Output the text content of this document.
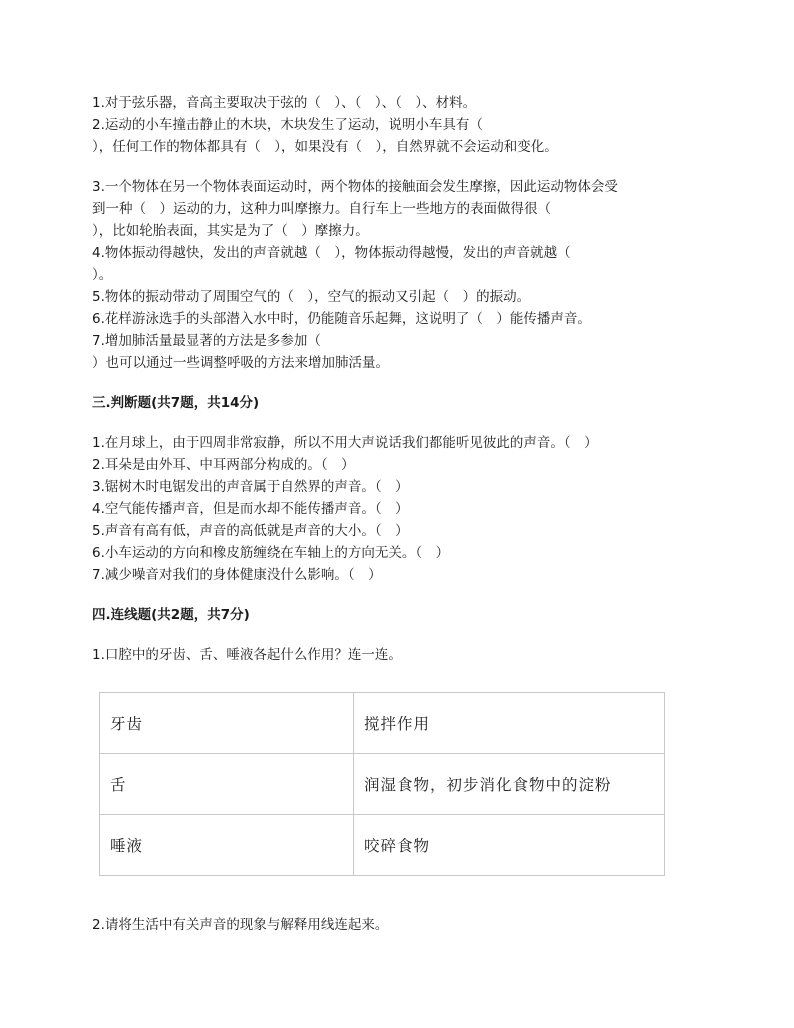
1.对于弦乐器，音高主要取决于弦的（　）、（　）、（　）、材料。

2.运动的小车撞击静止的木块，木块发生了运动，说明小车具有（

），任何工作的物体都具有（　），如果没有（　），自然界就不会运动和变化。

3.一个物体在另一个物体表面运动时，两个物体的接触面会发生摩擦，因此运动物体会受

到一种（　）运动的力，这种力叫摩擦力。自行车上一些地方的表面做得很（

），比如轮胎表面，其实是为了（　）摩擦力。

4.物体振动得越快，发出的声音就越（　），物体振动得越慢，发出的声音就越（

）。

5.物体的振动带动了周围空气的（　），空气的振动又引起（　）的振动。

6.花样游泳选手的头部潜入水中时，仍能随音乐起舞，这说明了（　）能传播声音。

7.增加肺活量最显著的方法是多参加（

）也可以通过一些调整呼吸的方法来增加肺活量。

三.判断题(共7题，共14分)

1.在月球上，由于四周非常寂静，所以不用大声说话我们都能听见彼此的声音。（　）

2.耳朵是由外耳、中耳两部分构成的。（　）

3.锯树木时电锯发出的声音属于自然界的声音。（　）

4.空气能传播声音，但是而水却不能传播声音。（　）

5.声音有高有低，声音的高低就是声音的大小。（　）

6.小车运动的方向和橡皮筋缠绕在车轴上的方向无关。（　）

7.减少噪音对我们的身体健康没什么影响。（　）

四.连线题(共2题，共7分)

1.口腔中的牙齿、舌、唾液各起什么作用？连一连。

牙齿	搅拌作用
舌	润湿食物，初步消化食物中的淀粉
唾液	咬碎食物

2.请将生活中有关声音的现象与解释用线连起来。
